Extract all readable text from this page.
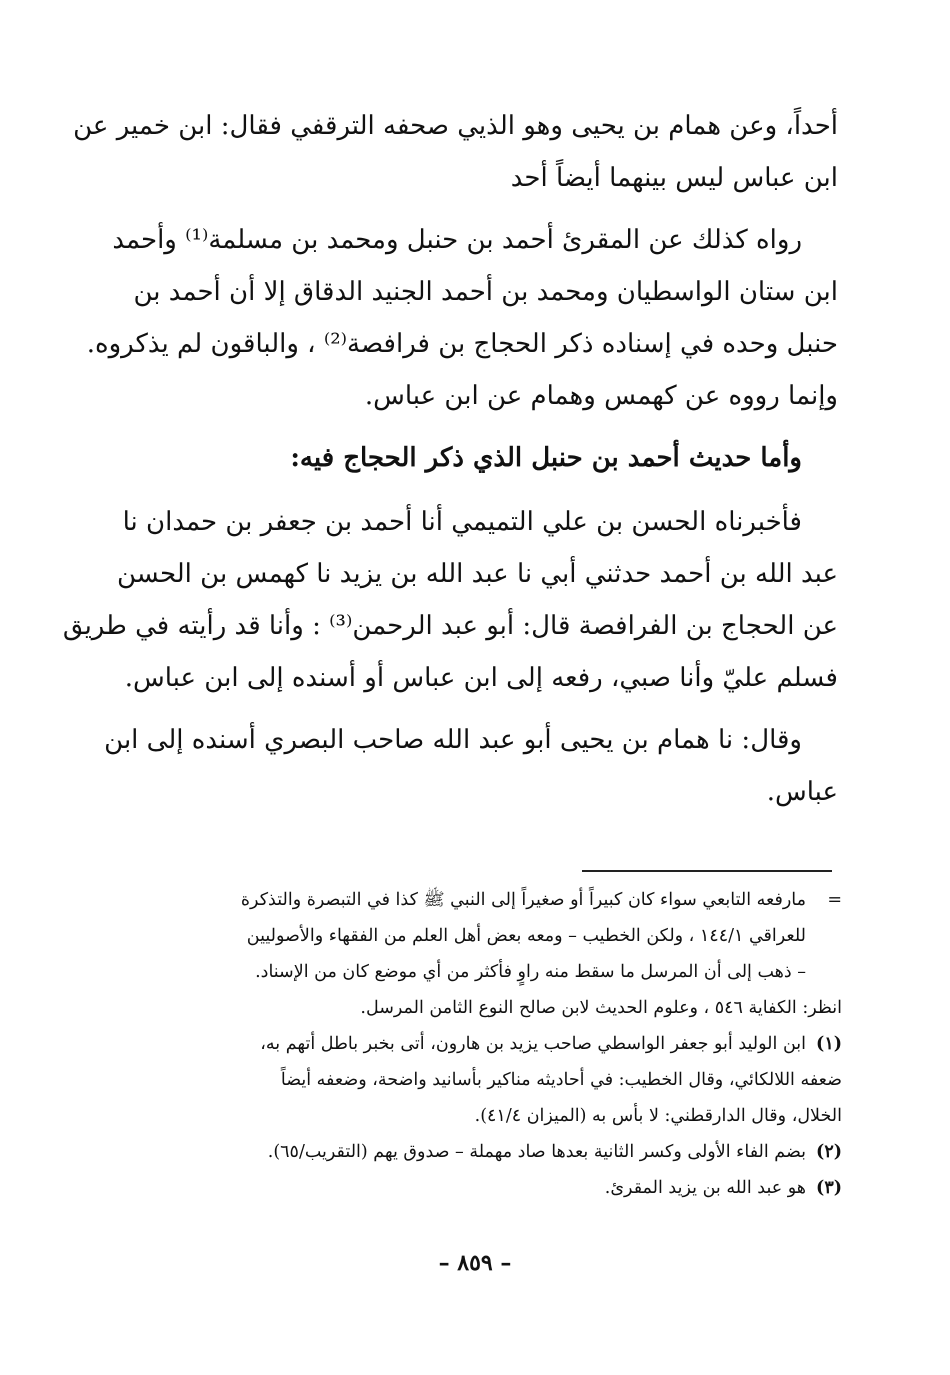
أحداً، وعن همام بن يحيى وهو الذيي صحفه الترقفي فقال: ابن خمير عن
ابن عباس ليس بينهما أيضاً أحد
رواه كذلك عن المقرئ أحمد بن حنبل ومحمد بن مسلمة⁽¹⁾ وأحمد
ابن ستان الواسطيان ومحمد بن أحمد الجنيد الدقاق إلا أن أحمد بن
حنبل وحده في إسناده ذكر الحجاج بن فرافصة⁽²⁾ ، والباقون لم يذكروه.
وإنما رووه عن كهمس وهمام عن ابن عباس.
وأما حديث أحمد بن حنبل الذي ذكر الحجاج فيه:
فأخبرناه الحسن بن علي التميمي أنا أحمد بن جعفر بن حمدان نا
عبد الله بن أحمد حدثني أبي نا عبد الله بن يزيد نا كهمس بن الحسن
عن الحجاج بن الفرافصة قال: أبو عبد الرحمن⁽³⁾ : وأنا قد رأيته في طريق
فسلم عليّ وأنا صبي، رفعه إلى ابن عباس أو أسنده إلى ابن عباس.
وقال: نا همام بن يحيى أبو عبد الله صاحب البصري أسنده إلى ابن
عباس.
=مارفعه التابعي سواء كان كبيراً أو صغيراً إلى النبي ﷺ كذا في التبصرة والتذكرة
للعراقي ١٤٤/١ ، ولكن الخطيب – ومعه بعض أهل العلم من الفقهاء والأصوليين
– ذهب إلى أن المرسل ما سقط منه راوٍ فأكثر من أي موضع كان من الإسناد.
انظر: الكفاية ٥٤٦ ، وعلوم الحديث لابن صالح النوع الثامن المرسل.
(١)ابن الوليد أبو جعفر الواسطي صاحب يزيد بن هارون، أتى بخبر باطل أتهم به،
ضعفه اللالكائي، وقال الخطيب: في أحاديثه مناكير بأسانيد واضحة، وضعفه أيضاً
الخلال، وقال الدارقطني: لا بأس به (الميزان ٤١/٤).
(٢)بضم الفاء الأولى وكسر الثانية بعدها صاد مهملة – صدوق يهم (التقريب/٦٥).
(٣)هو عبد الله بن يزيد المقرئ.
– ٨٥٩ –
